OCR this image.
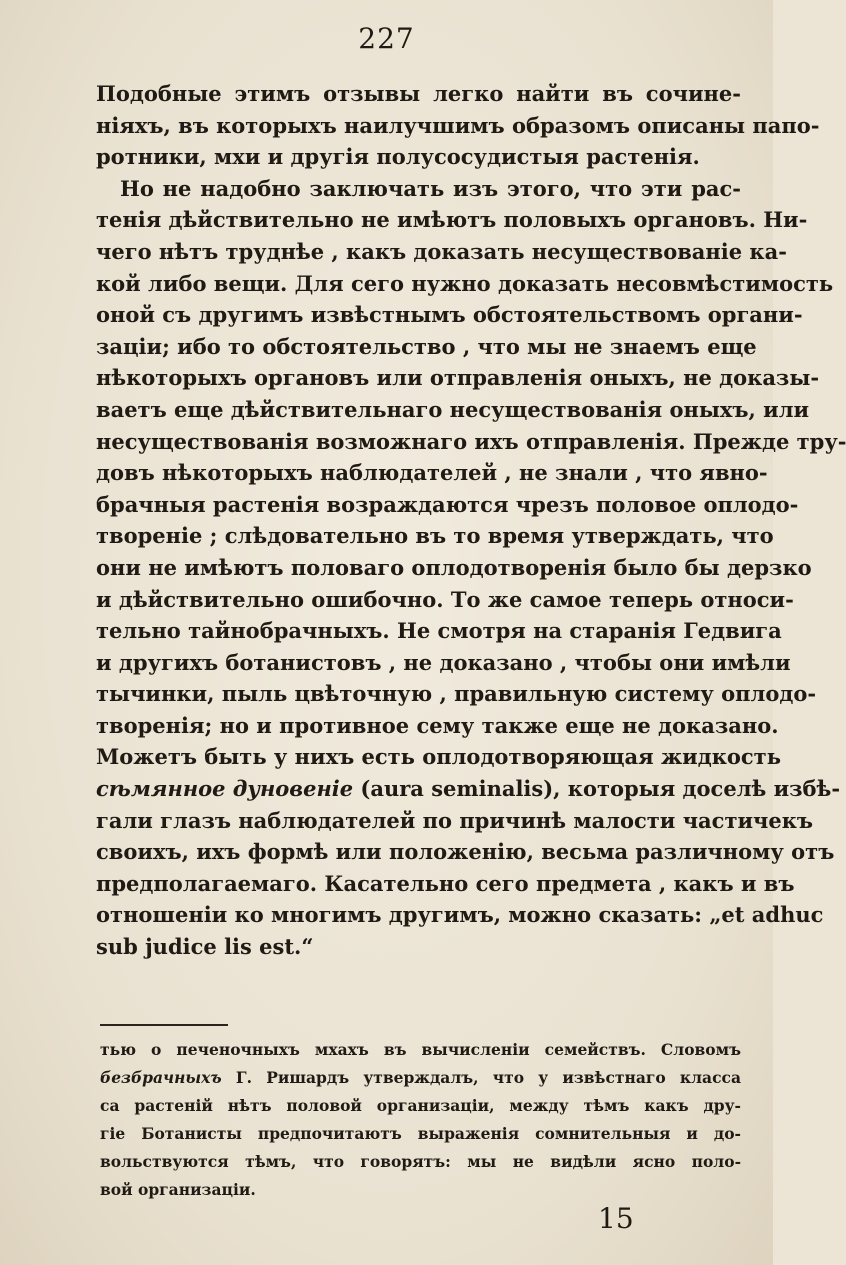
227
Подобные этимъ отзывы легко найти въ сочине-
ніяхъ, въ которыхъ наилучшимъ образомъ описаны папо-
ротники, мхи и другія полусосудистыя растенія.
Но не надобно заключать изъ этого, что эти рас-
тенія дѣйствительно не имѣютъ половыхъ органовъ. Ни-
чего нѣтъ труднѣе , какъ доказать несуществованіе ка-
кой либо вещи. Для сего нужно доказать несовмѣстимость
оной съ другимъ извѣстнымъ обстоятельствомъ органи-
заціи; ибо то обстоятельство , что мы не знаемъ еще
нѣкоторыхъ органовъ или отправленія оныхъ, не доказы-
ваетъ еще дѣйствительнаго несуществованія оныхъ, или
несуществованія возможнаго ихъ отправленія. Прежде тру-
довъ нѣкоторыхъ наблюдателей , не знали , что явно-
брачныя растенія возраждаются чрезъ половое оплодо-
твореніе ; слѣдовательно въ то время утверждать, что
они не имѣютъ половаго оплодотворенія было бы дерзко
и дѣйствительно ошибочно. То же самое теперь относи-
тельно тайнобрачныхъ. Не смотря на старанія Гедвига
и другихъ ботанистовъ , не доказано , чтобы они имѣли
тычинки, пыль цвѣточную , правильную систему оплодо-
творенія; но и противное сему также еще не доказано.
Можетъ быть у нихъ есть оплодотворяющая жидкость
сѣмянное дуновеніе (aura seminalis), которыя доселѣ избѣ-
гали глазъ наблюдателей по причинѣ малости частичекъ
своихъ, ихъ формѣ или положенію, весьма различному отъ
предполагаемаго. Касательно сего предмета , какъ и въ
отношеніи ко многимъ другимъ, можно сказать: „et adhuc
sub judice lis est.“
тью о печеночныхъ мхахъ въ вычисленіи семействъ. Словомъ
безбрачныхъ Г. Ришардъ утверждалъ, что у извѣстнаго класса
са растеній нѣтъ половой организаціи, между тѣмъ какъ дру-
гіе Ботанисты предпочитаютъ выраженія сомнительныя и до-
вольствуются тѣмъ, что говорятъ: мы не видѣли ясно поло-
вой организаціи.
15
